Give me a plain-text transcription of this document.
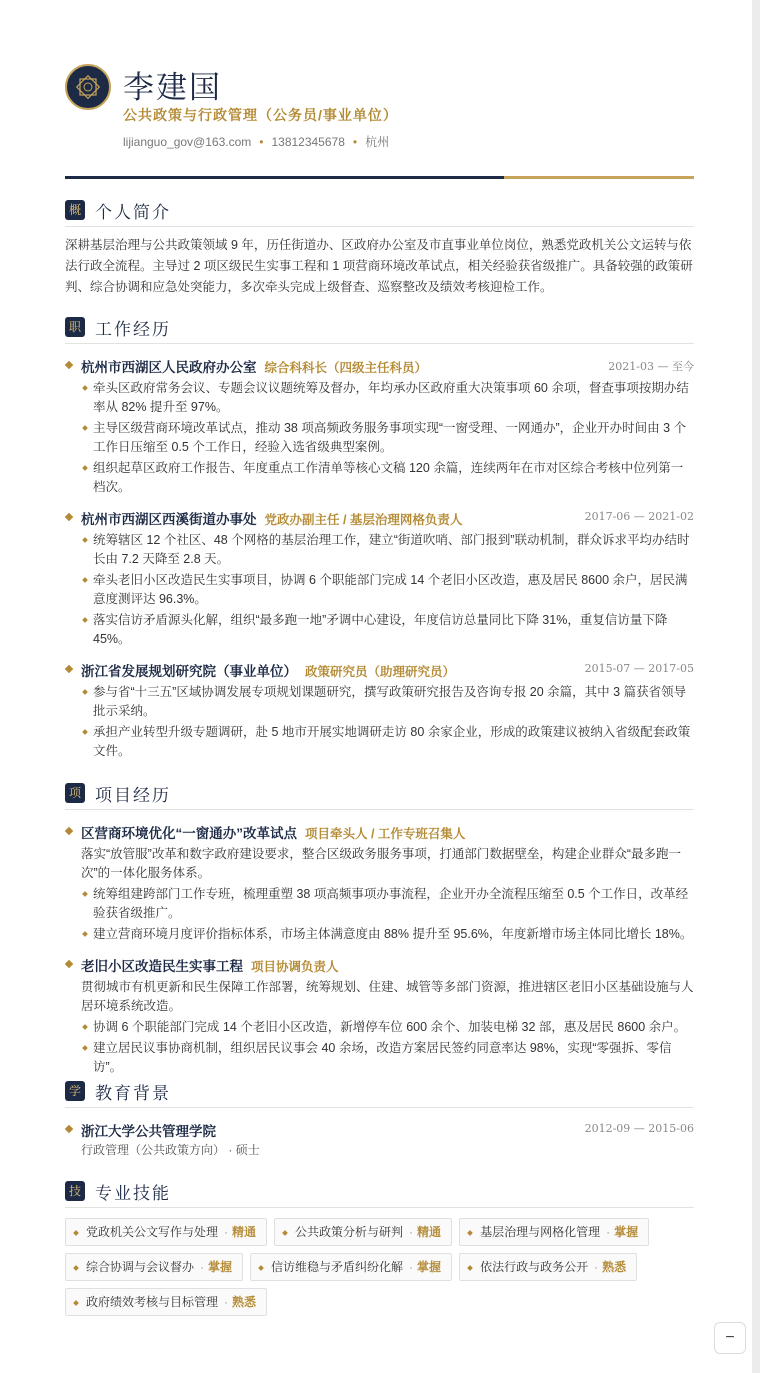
李建国
公共政策与行政管理（公务员/事业单位）
lijianguo_gov@163.com • 13812345678 • 杭州
概 个人简介
深耕基层治理与公共政策领域 9 年，历任街道办、区政府办公室及市直事业单位岗位，熟悉党政机关公文运转与依法行政全流程。主导过 2 项区级民生实事工程和 1 项营商环境改革试点，相关经验获省级推广。具备较强的政策研判、综合协调和应急处突能力，多次牵头完成上级督查、巡察整改及绩效考核迎检工作。
职 工作经历
杭州市西湖区人民政府办公室 综合科科长（四级主任科员）	2021-03 — 至今
牵头区政府常务会议、专题会议议题统筹及督办，年均承办区政府重大决策事项 60 余项，督查事项按期办结率从 82% 提升至 97%。
主导区级营商环境改革试点，推动 38 项高频政务服务事项实现“一窗受理、一网通办”，企业开办时间由 3 个工作日压缩至 0.5 个工作日，经验入选省级典型案例。
组织起草区政府工作报告、年度重点工作清单等核心文稿 120 余篇，连续两年在市对区综合考核中位列第一档次。
杭州市西湖区西溪街道办事处 党政办副主任 / 基层治理网格负责人	2017-06 — 2021-02
统筹辖区 12 个社区、48 个网格的基层治理工作，建立“街道吹哨、部门报到”联动机制，群众诉求平均办结时长由 7.2 天降至 2.8 天。
牵头老旧小区改造民生实事项目，协调 6 个职能部门完成 14 个老旧小区改造，惠及居民 8600 余户，居民满意度测评达 96.3%。
落实信访矛盾源头化解，组织“最多跑一地”矛调中心建设，年度信访总量同比下降 31%，重复信访量下降 45%。
浙江省发展规划研究院（事业单位） 政策研究员（助理研究员）	2015-07 — 2017-05
参与省“十三五”区域协调发展专项规划课题研究，撰写政策研究报告及咨询专报 20 余篇，其中 3 篇获省领导批示采纳。
承担产业转型升级专题调研，赴 5 地市开展实地调研走访 80 余家企业，形成的政策建议被纳入省级配套政策文件。
项 项目经历
区营商环境优化“一窗通办”改革试点 项目牵头人 / 工作专班召集人
落实“放管服”改革和数字政府建设要求，整合区级政务服务事项，打通部门数据壁垒，构建企业群众“最多跑一次”的一体化服务体系。
统筹组建跨部门工作专班，梳理重塑 38 项高频事项办事流程，企业开办全流程压缩至 0.5 个工作日，改革经验获省级推广。
建立营商环境月度评价指标体系，市场主体满意度由 88% 提升至 95.6%，年度新增市场主体同比增长 18%。
老旧小区改造民生实事工程 项目协调负责人
贯彻城市有机更新和民生保障工作部署，统筹规划、住建、城管等多部门资源，推进辖区老旧小区基础设施与人居环境系统改造。
协调 6 个职能部门完成 14 个老旧小区改造，新增停车位 600 余个、加装电梯 32 部，惠及居民 8600 余户。
建立居民议事协商机制，组织居民议事会 40 余场，改造方案居民签约同意率达 98%，实现“零强拆、零信访”。
学 教育背景
浙江大学公共管理学院	2012-09 — 2015-06
行政管理（公共政策方向） · 硕士
技 专业技能
党政机关公文写作与处理 · 精通	公共政策分析与研判 · 精通	基层治理与网格化管理 · 掌握
综合协调与会议督办 · 掌握	信访维稳与矛盾纠纷化解 · 掌握	依法行政与政务公开 · 熟悉
政府绩效考核与目标管理 · 熟悉
−
